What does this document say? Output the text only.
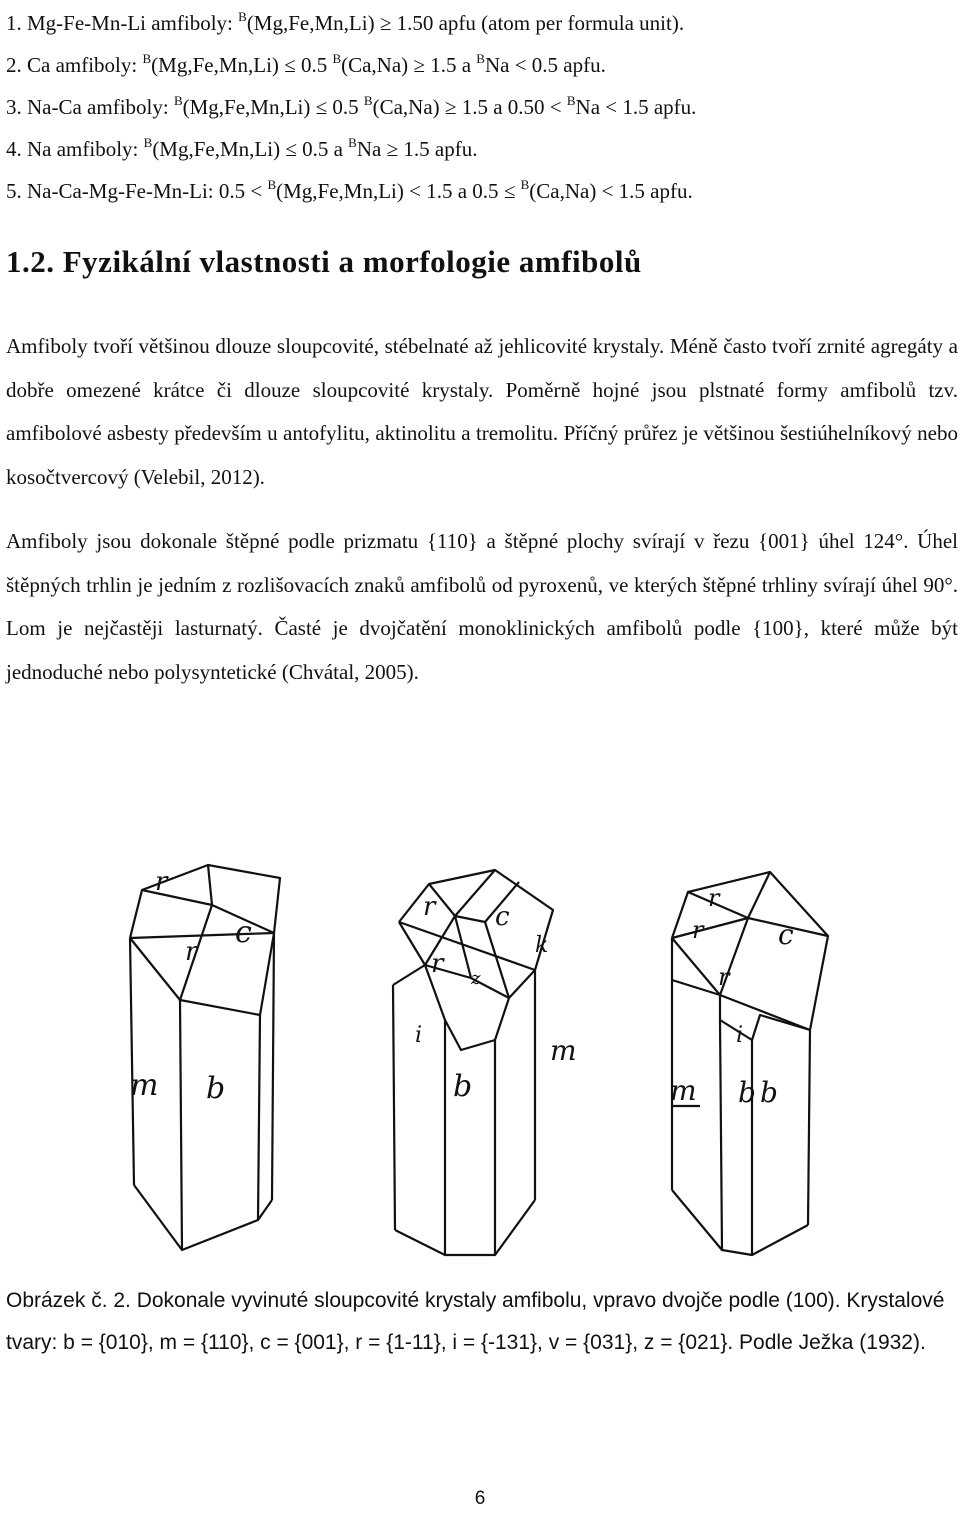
1. Mg-Fe-Mn-Li amfiboly: $^B$(Mg,Fe,Mn,Li) ≥ 1.50 apfu (atom per formula unit).
2. Ca amfiboly: $^B$(Mg,Fe,Mn,Li) ≤ 0.5 $^B$(Ca,Na) ≥ 1.5 a $^B$Na < 0.5 apfu.
3. Na-Ca amfiboly: $^B$(Mg,Fe,Mn,Li) ≤ 0.5 $^B$(Ca,Na) ≥ 1.5 a 0.50 < $^B$Na < 1.5 apfu.
4. Na amfiboly: $^B$(Mg,Fe,Mn,Li) ≤ 0.5 a $^B$Na ≥ 1.5 apfu.
5. Na-Ca-Mg-Fe-Mn-Li: 0.5 < $^B$(Mg,Fe,Mn,Li) < 1.5 a 0.5 ≤ $^B$(Ca,Na) < 1.5 apfu.
1.2. Fyzikální vlastnosti a morfologie amfibolů
Amfiboly tvoří většinou dlouze sloupcovité, stébelnaté až jehlicovité krystaly. Méně často tvoří zrnité agregáty a dobře omezené krátce či dlouze sloupcovité krystaly. Poměrně hojné jsou plstnaté formy amfibolů tzv. amfibolové asbesty především u antofylitu, aktinolitu a tremolitu. Příčný průřez je většinou šestiúhelníkový nebo kosočtvercový (Velebil, 2012).
Amfiboly jsou dokonale štěpné podle prizmatu {110} a štěpné plochy svírají v řezu {001} úhel 124°. Úhel štěpných trhlin je jedním z rozlišovacích znaků amfibolů od pyroxenů, ve kterých štěpné trhliny svírají úhel 90°. Lom je nejčastěji lasturnatý. Časté je dvojčatění monoklinických amfibolů podle {100}, které může být jednoduché nebo polysyntetické (Chvátal, 2005).
r
c
r
m b
r c
k
r z
i	m
b
r
r	c
r
i
m b b
Obrázek č. 2. Dokonale vyvinuté sloupcovité krystaly amfibolu, vpravo dvojče podle (100). Krystalové tvary: b = {010}, m = {110}, c = {001}, r = {1-11}, i = {-131}, v = {031}, z = {021}. Podle Ježka (1932).
6
